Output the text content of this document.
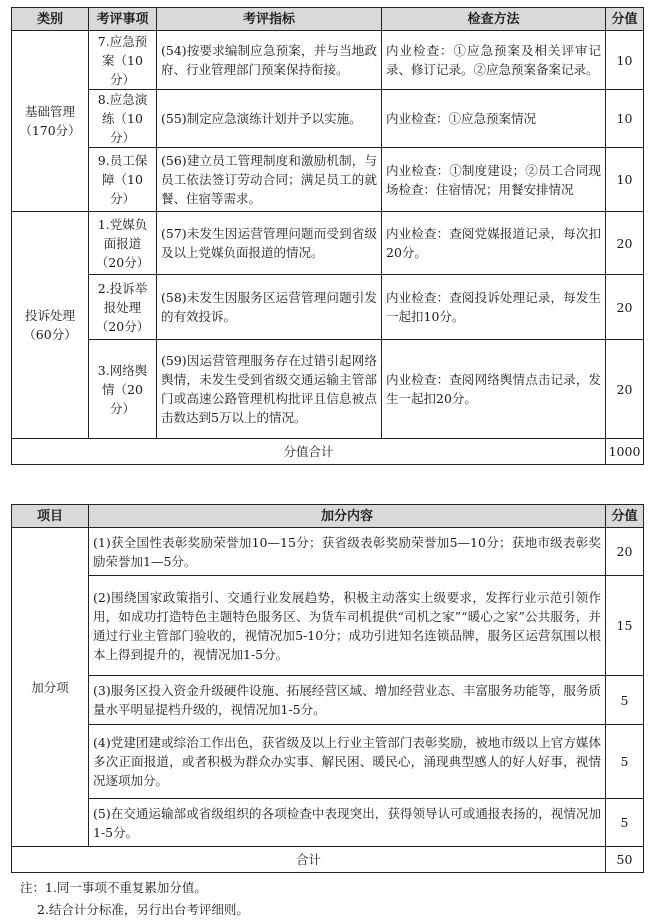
类别	考评事项	考评指标	检查方法	分值
基础管理（170分）	7.应急预案（10分）	(54)按要求编制应急预案，并与当地政府、行业管理部门预案保持衔接。	内业检查：①应急预案及相关评审记录、修订记录。②应急预案备案记录。	10
	8.应急演练（10分）	(55)制定应急演练计划并予以实施。	内业检查：①应急预案情况	10
	9.员工保障（10分）	(56)建立员工管理制度和激励机制，与员工依法签订劳动合同；满足员工的就餐、住宿等需求。	内业检查：①制度建设；②员工合同现场检查：住宿情况；用餐安排情况	10
投诉处理（60分）	1.党媒负面报道（20分）	(57)未发生因运营管理问题而受到省级及以上党媒负面报道的情况。	内业检查：查阅党媒报道记录，每次扣20分。	20
	2.投诉举报处理（20分）	(58)未发生因服务区运营管理问题引发的有效投诉。	内业检查：查阅投诉处理记录，每发生一起扣10分。	20
	3.网络舆情（20分）	(59)因运营管理服务存在过错引起网络舆情，未发生受到省级交通运输主管部门或高速公路管理机构批评且信息被点击数达到5万以上的情况。	内业检查：查阅网络舆情点击记录，发生一起扣20分。	20
分值合计				1000
项目	加分内容	分值
加分项	(1)获全国性表彰奖励荣誉加10—15分；获省级表彰奖励荣誉加5—10分；获地市级表彰奖励荣誉加1—5分。	20
	(2)围绕国家政策指引、交通行业发展趋势，积极主动落实上级要求，发挥行业示范引领作用，如成功打造特色主题特色服务区、为货车司机提供“司机之家”“暖心之家”公共服务，并通过行业主管部门验收的，视情况加5-10分；成功引进知名连锁品牌，服务区运营氛围以根本上得到提升的，视情况加1-5分。	15
	(3)服务区投入资金升级硬件设施、拓展经营区域、增加经营业态、丰富服务功能等，服务质量水平明显提档升级的，视情况加1-5分。	5
	(4)党建团建或综治工作出色，获省级及以上行业主管部门表彰奖励，被地市级以上官方媒体多次正面报道，或者积极为群众办实事、解民困、暖民心，涌现典型感人的好人好事，视情况逐项加分。	5
	(5)在交通运输部或省级组织的各项检查中表现突出，获得领导认可或通报表扬的，视情况加1-5分。	5
合计		50
注：1.同一事项不重复累加分值。
2.结合计分标准，另行出台考评细则。
